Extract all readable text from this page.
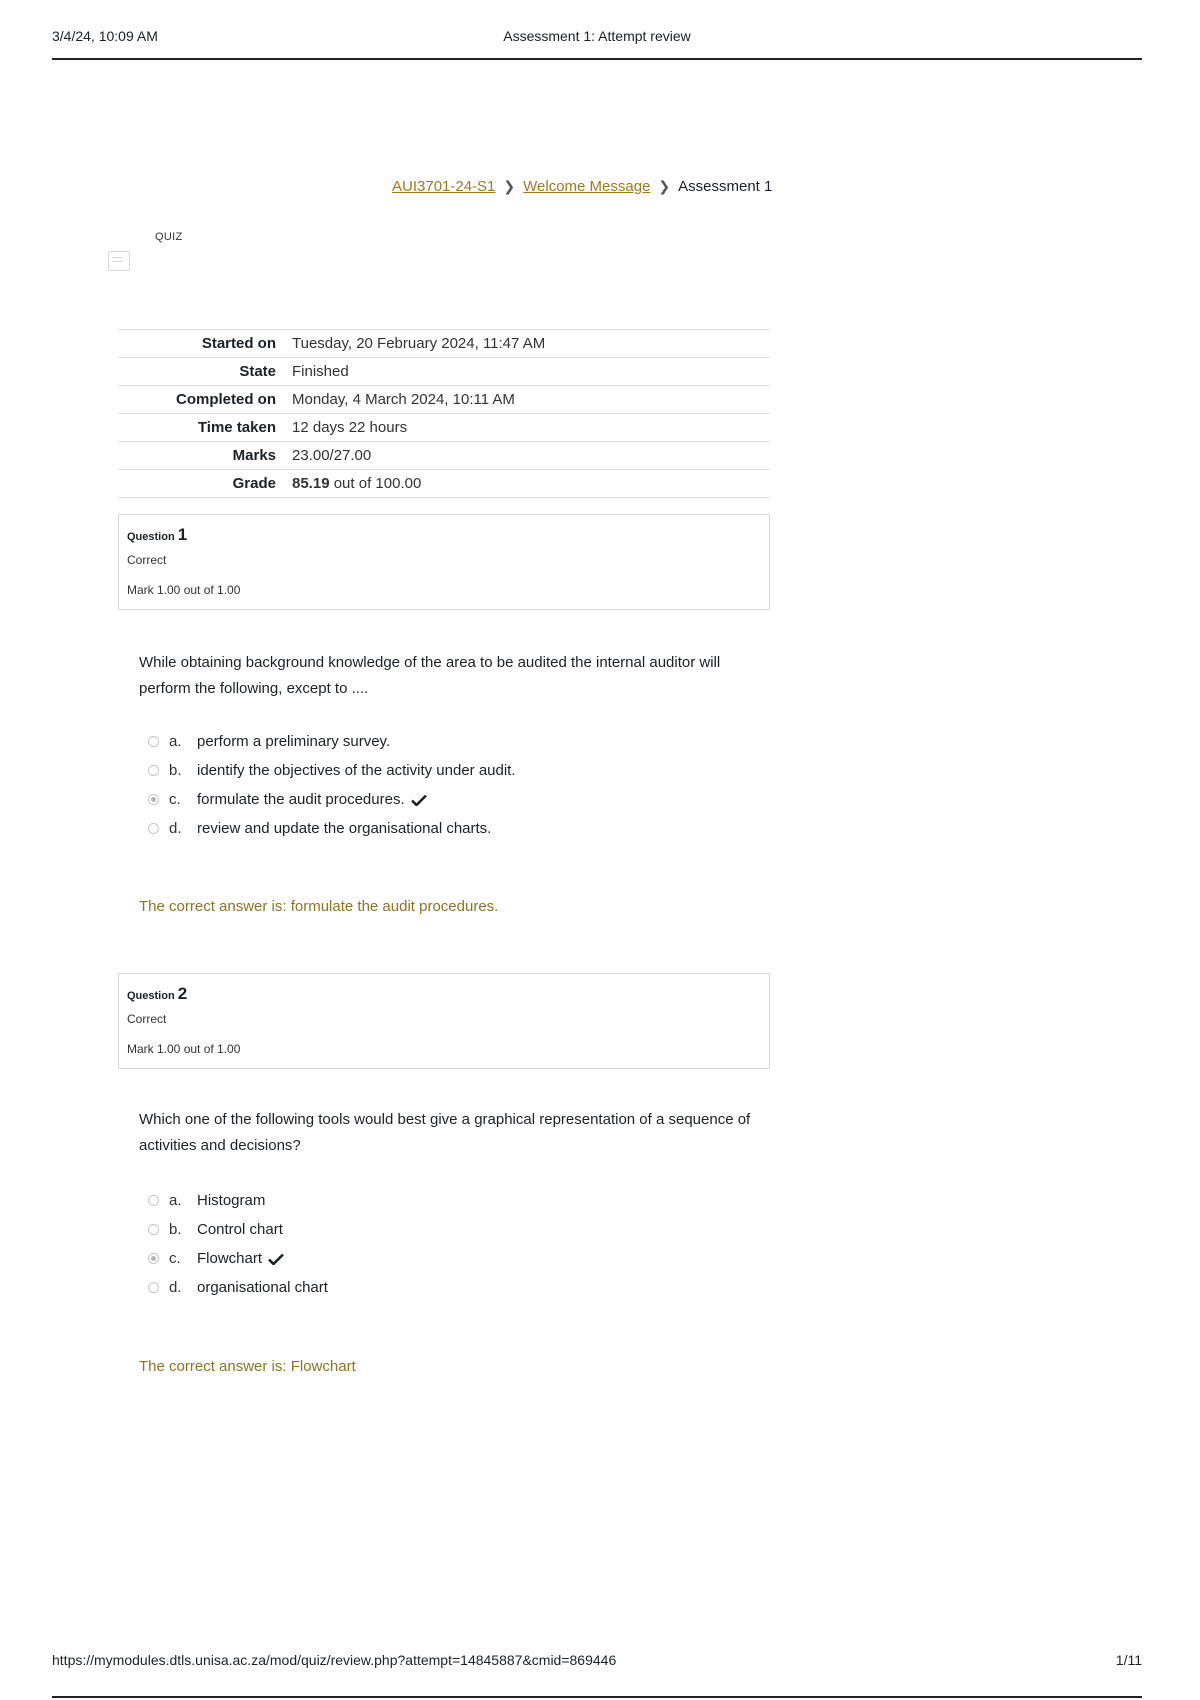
3/4/24, 10:09 AM	Assessment 1: Attempt review
AUI3701-24-S1 ❯ Welcome Message ❯ Assessment 1
QUIZ
Started on	Tuesday, 20 February 2024, 11:47 AM
State	Finished
Completed on	Monday, 4 March 2024, 10:11 AM
Time taken	12 days 22 hours
Marks	23.00/27.00
Grade	85.19 out of 100.00
Question 1
Correct
Mark 1.00 out of 1.00
While obtaining background knowledge of the area to be audited the internal auditor will perform the following, except to ....
a.	perform a preliminary survey.
b.	identify the objectives of the activity under audit.
c.	formulate the audit procedures.
d.	review and update the organisational charts.
The correct answer is: formulate the audit procedures.
Question 2
Correct
Mark 1.00 out of 1.00
Which one of the following tools would best give a graphical representation of a sequence of activities and decisions?
a.	Histogram
b.	Control chart
c.	Flowchart
d.	organisational chart
The correct answer is: Flowchart
https://mymodules.dtls.unisa.ac.za/mod/quiz/review.php?attempt=14845887&cmid=869446	1/11
